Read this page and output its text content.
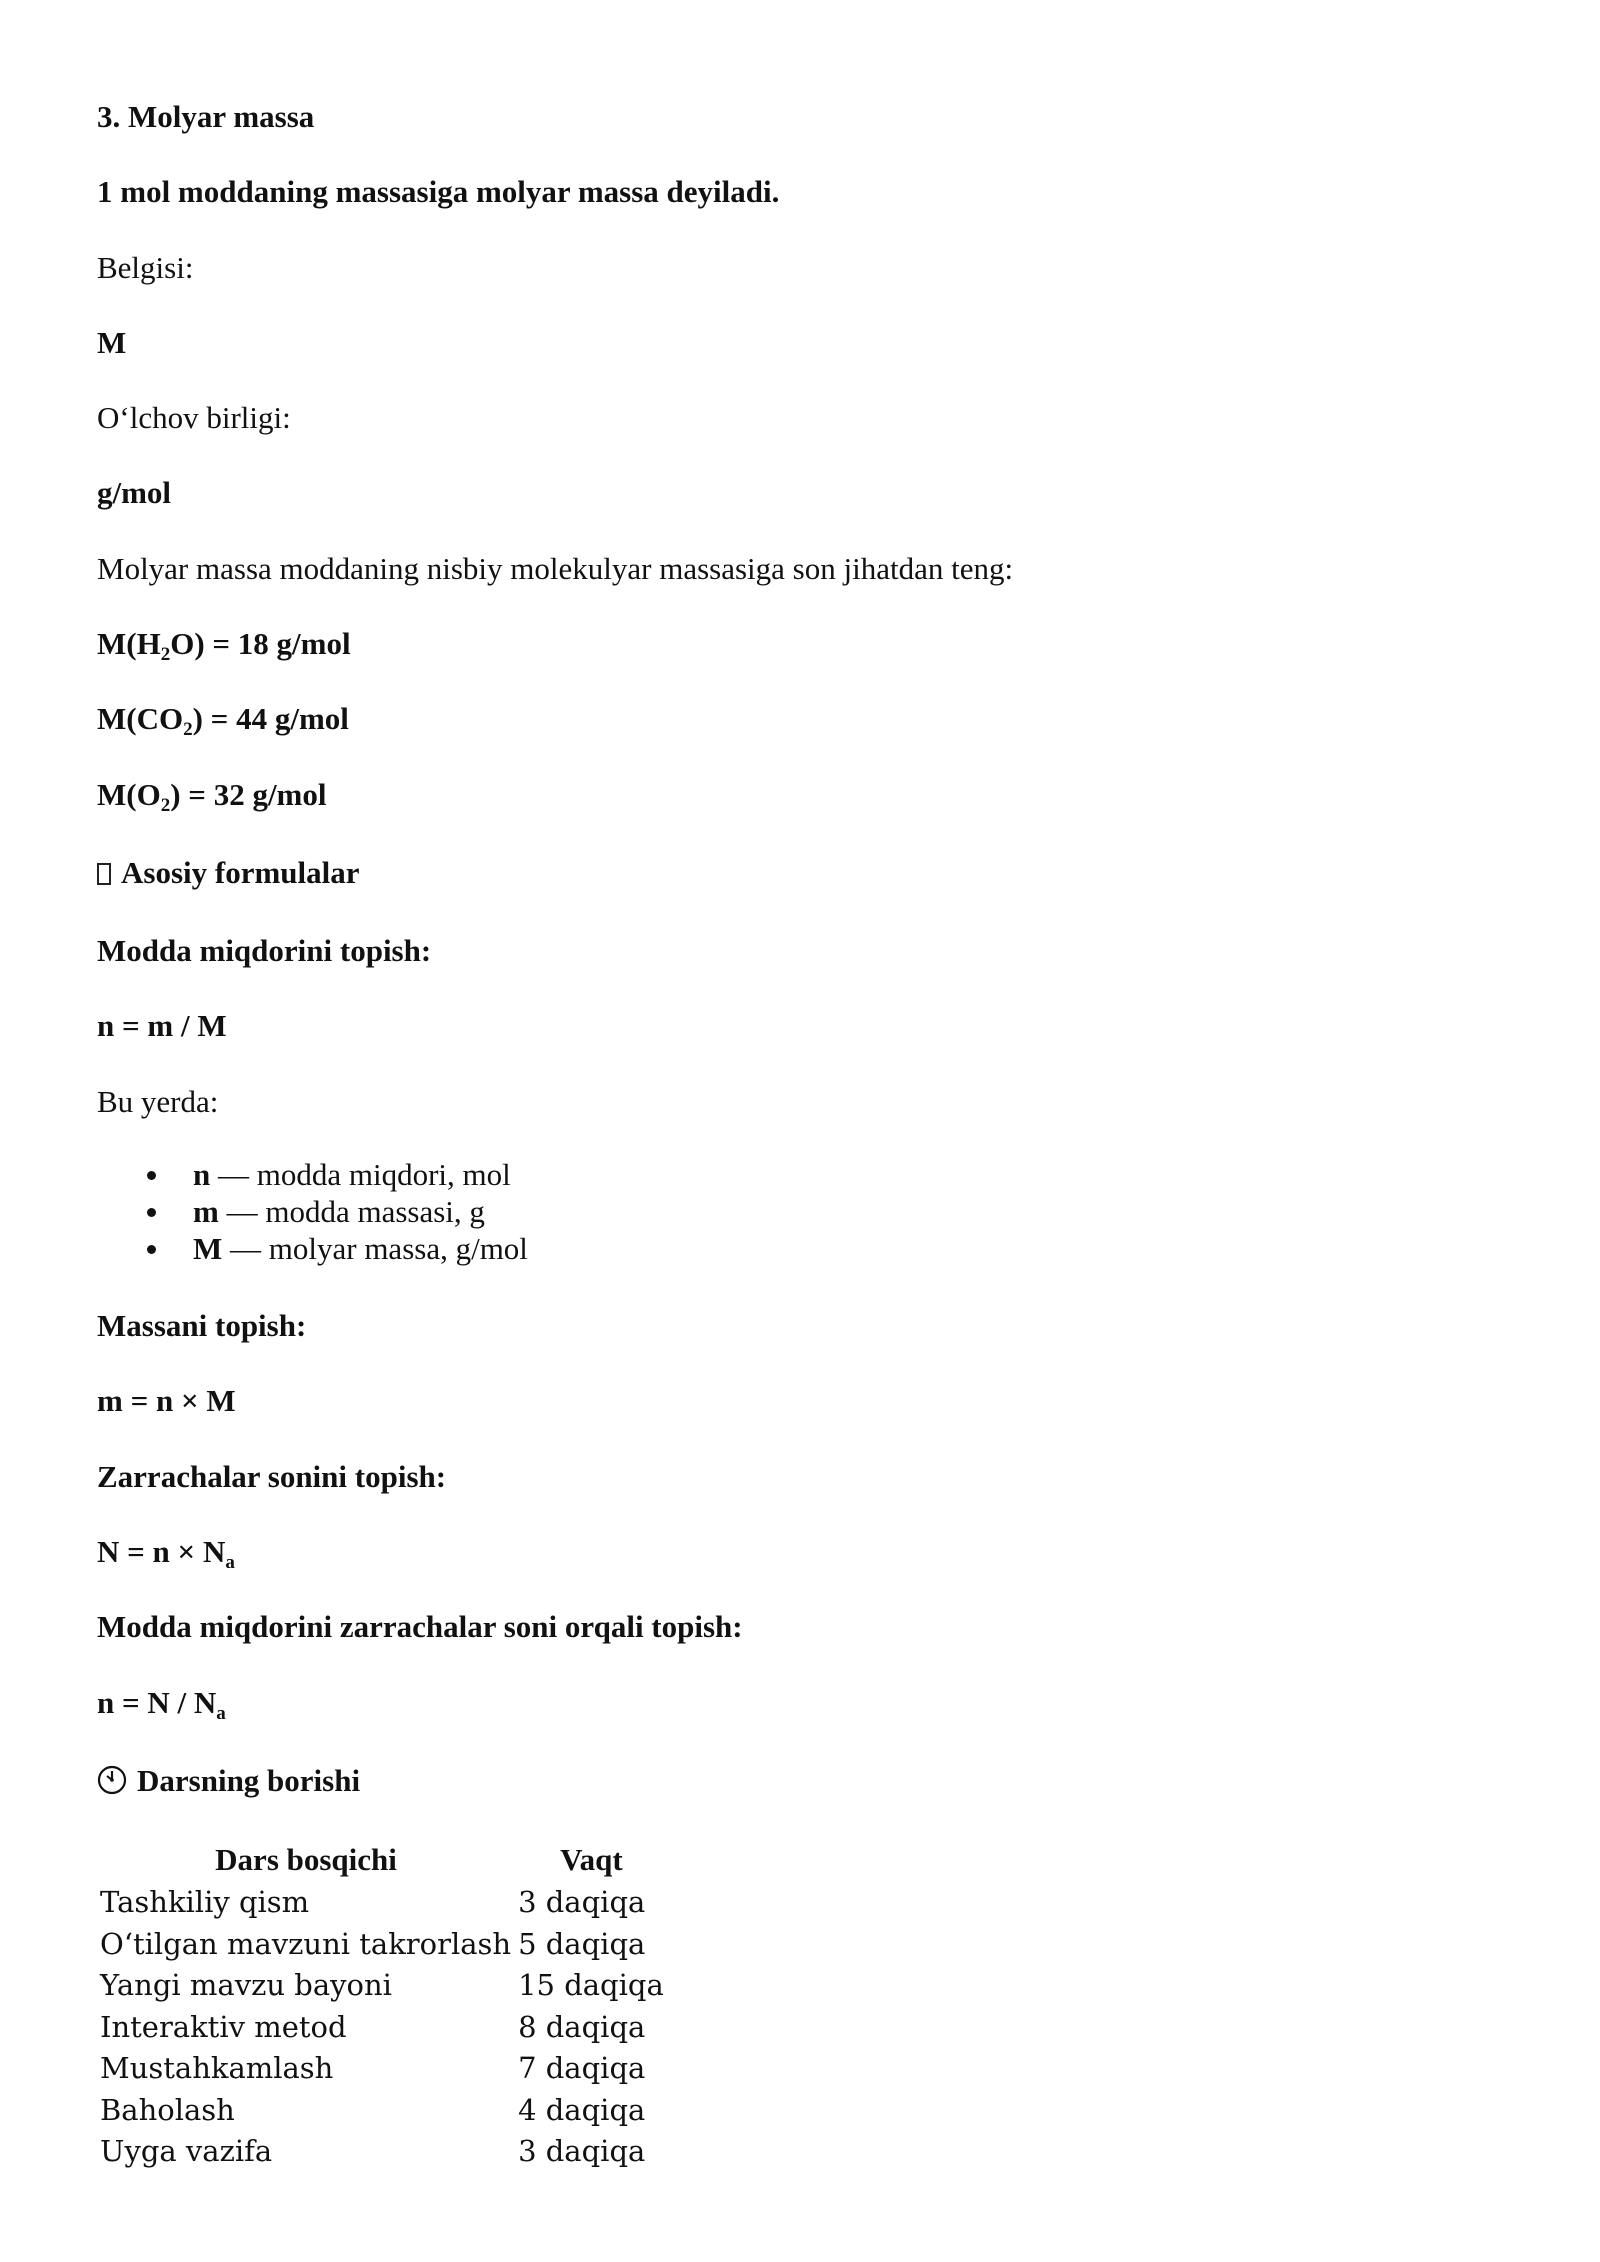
3. Molyar massa
1 mol moddaning massasiga molyar massa deyiladi.
Belgisi:
M
O‘lchov birligi:
g/mol
Molyar massa moddaning nisbiy molekulyar massasiga son jihatdan teng:
$M(H_2O) = 18$ g/mol
$M(CO_2) = 44$ g/mol
$M(O_2) = 32$ g/mol
Asosiy formulalar
Modda miqdorini topish:
n = m / M
Bu yerda:
n — modda miqdori, mol
m — modda massasi, g
M — molyar massa, g/mol
Massani topish:
m = n × M
Zarrachalar sonini topish:
$N = n \times N_a$
Modda miqdorini zarrachalar soni orqali topish:
$n = N / N_a$
Darsning borishi
Dars bosqichi	Vaqt
Tashkiliy qism	3 daqiqa
O‘tilgan mavzuni takrorlash	5 daqiqa
Yangi mavzu bayoni	15 daqiqa
Interaktiv metod	8 daqiqa
Mustahkamlash	7 daqiqa
Baholash	4 daqiqa
Uyga vazifa	3 daqiqa
